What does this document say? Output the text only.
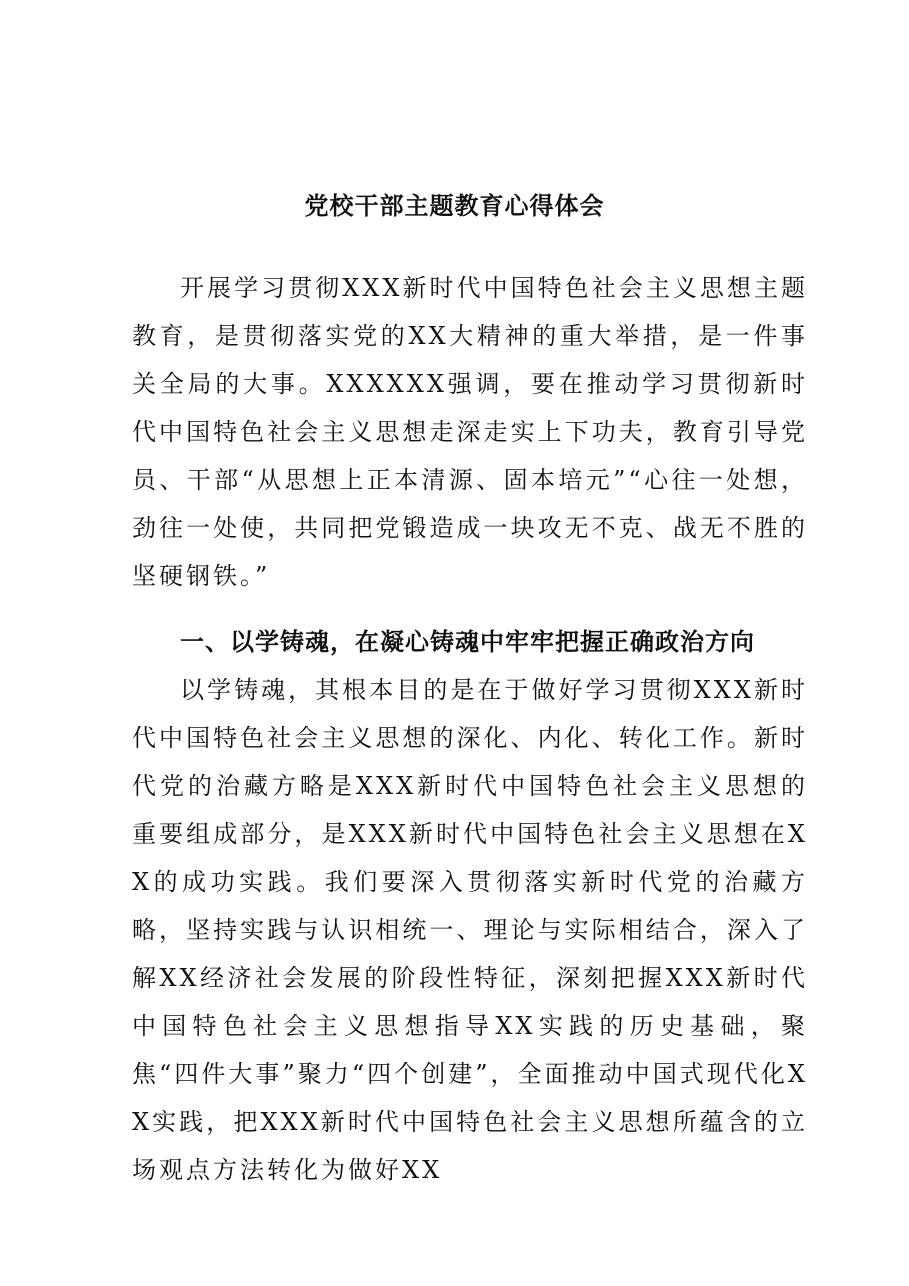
党校干部主题教育心得体会

开展学习贯彻XXX新时代中国特色社会主义思想主题教育，是贯彻落实党的XX大精神的重大举措，是一件事关全局的大事。XXXXXX强调，要在推动学习贯彻新时代中国特色社会主义思想走深走实上下功夫，教育引导党员、干部“从思想上正本清源、固本培元”“心往一处想，劲往一处使，共同把党锻造成一块攻无不克、战无不胜的坚硬钢铁。”

一、以学铸魂，在凝心铸魂中牢牢把握正确政治方向

以学铸魂，其根本目的是在于做好学习贯彻XXX新时代中国特色社会主义思想的深化、内化、转化工作。新时代党的治藏方略是XXX新时代中国特色社会主义思想的重要组成部分，是XXX新时代中国特色社会主义思想在XX的成功实践。我们要深入贯彻落实新时代党的治藏方略，坚持实践与认识相统一、理论与实际相结合，深入了解XX经济社会发展的阶段性特征，深刻把握XXX新时代中国特色社会主义思想指导XX实践的历史基础，聚焦“四件大事”聚力“四个创建”，全面推动中国式现代化XX实践，把XXX新时代中国特色社会主义思想所蕴含的立场观点方法转化为做好XX
